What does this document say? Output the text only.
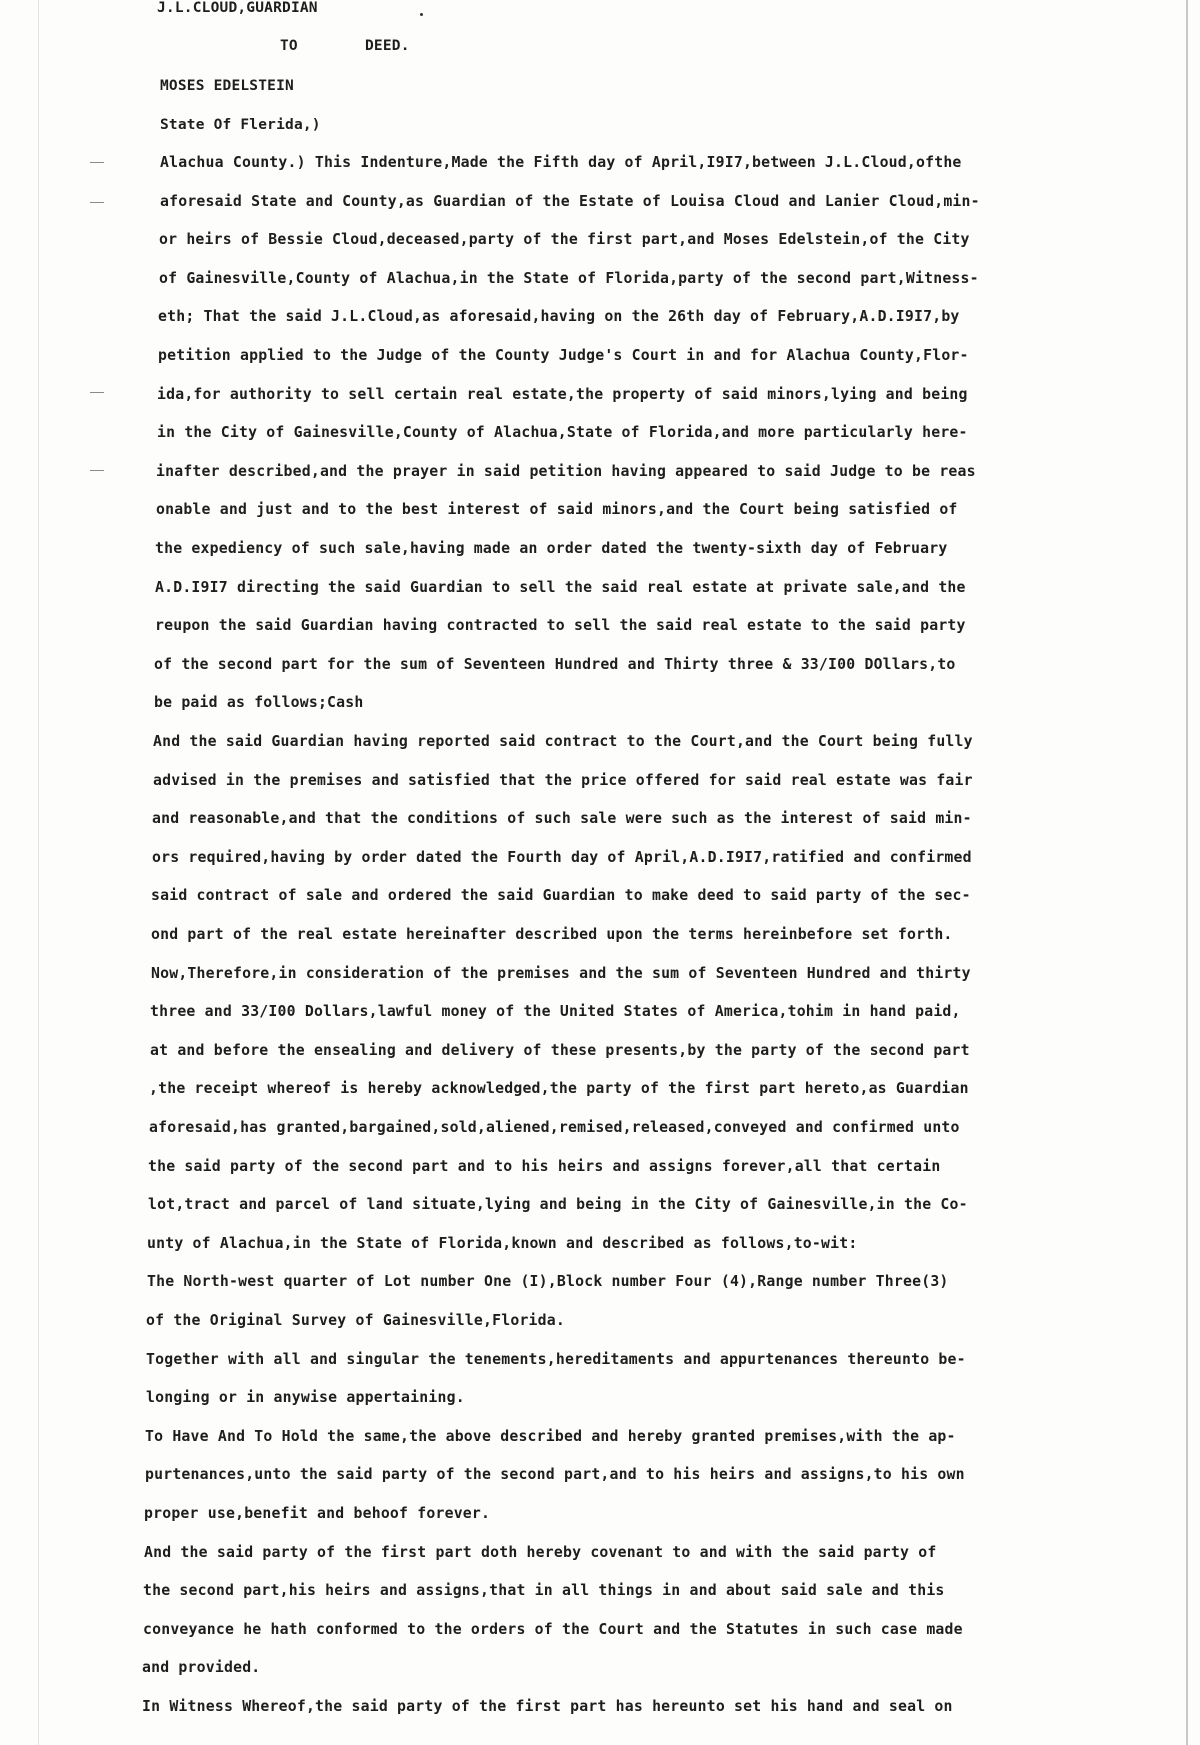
J.L.CLOUD,GUARDIAN
TO	DEED.
MOSES EDELSTEIN
State Of Flerida,)
Alachua County.) This Indenture,Made the Fifth day of April,I9I7,between J.L.Cloud,ofthe
aforesaid State and County,as Guardian of the Estate of Louisa Cloud and Lanier Cloud,min-
or heirs of Bessie Cloud,deceased,party of the first part,and Moses Edelstein,of the City
of Gainesville,County of Alachua,in the State of Florida,party of the second part,Witness-
eth; That the said J.L.Cloud,as aforesaid,having on the 26th day of February,A.D.I9I7,by
petition applied to the Judge of the County Judge's Court in and for Alachua County,Flor-
ida,for authority to sell certain real estate,the property of said minors,lying and being
in the City of Gainesville,County of Alachua,State of Florida,and more particularly here-
inafter described,and the prayer in said petition having appeared to said Judge to be reas
onable and just and to the best interest of said minors,and the Court being satisfied of
the expediency of such sale,having made an order dated the twenty-sixth day of February
A.D.I9I7 directing the said Guardian to sell the said real estate at private sale,and the
reupon the said Guardian having contracted to sell the said real estate to the said party
of the second part for the sum of Seventeen Hundred and Thirty three & 33/I00 DOllars,to
be paid as follows;Cash
And the said Guardian having reported said contract to the Court,and the Court being fully
advised in the premises and satisfied that the price offered for said real estate was fair
and reasonable,and that the conditions of such sale were such as the interest of said min-
ors required,having by order dated the Fourth day of April,A.D.I9I7,ratified and confirmed
said contract of sale and ordered the said Guardian to make deed to said party of the sec-
ond part of the real estate hereinafter described upon the terms hereinbefore set forth.
Now,Therefore,in consideration of the premises and the sum of Seventeen Hundred and thirty
three and 33/I00 Dollars,lawful money of the United States of America,tohim in hand paid,
at and before the ensealing and delivery of these presents,by the party of the second part
,the receipt whereof is hereby acknowledged,the party of the first part hereto,as Guardian
aforesaid,has granted,bargained,sold,aliened,remised,released,conveyed and confirmed unto
the said party of the second part and to his heirs and assigns forever,all that certain
lot,tract and parcel of land situate,lying and being in the City of Gainesville,in the Co-
unty of Alachua,in the State of Florida,known and described as follows,to-wit:
The North-west quarter of Lot number One (I),Block number Four (4),Range number Three(3)
of the Original Survey of Gainesville,Florida.
Together with all and singular the tenements,hereditaments and appurtenances thereunto be-
longing or in anywise appertaining.
To Have And To Hold the same,the above described and hereby granted premises,with the ap-
purtenances,unto the said party of the second part,and to his heirs and assigns,to his own
proper use,benefit and behoof forever.
And the said party of the first part doth hereby covenant to and with the said party of
the second part,his heirs and assigns,that in all things in and about said sale and this
conveyance he hath conformed to the orders of the Court and the Statutes in such case made
and provided.
In Witness Whereof,the said party of the first part has hereunto set his hand and seal on
